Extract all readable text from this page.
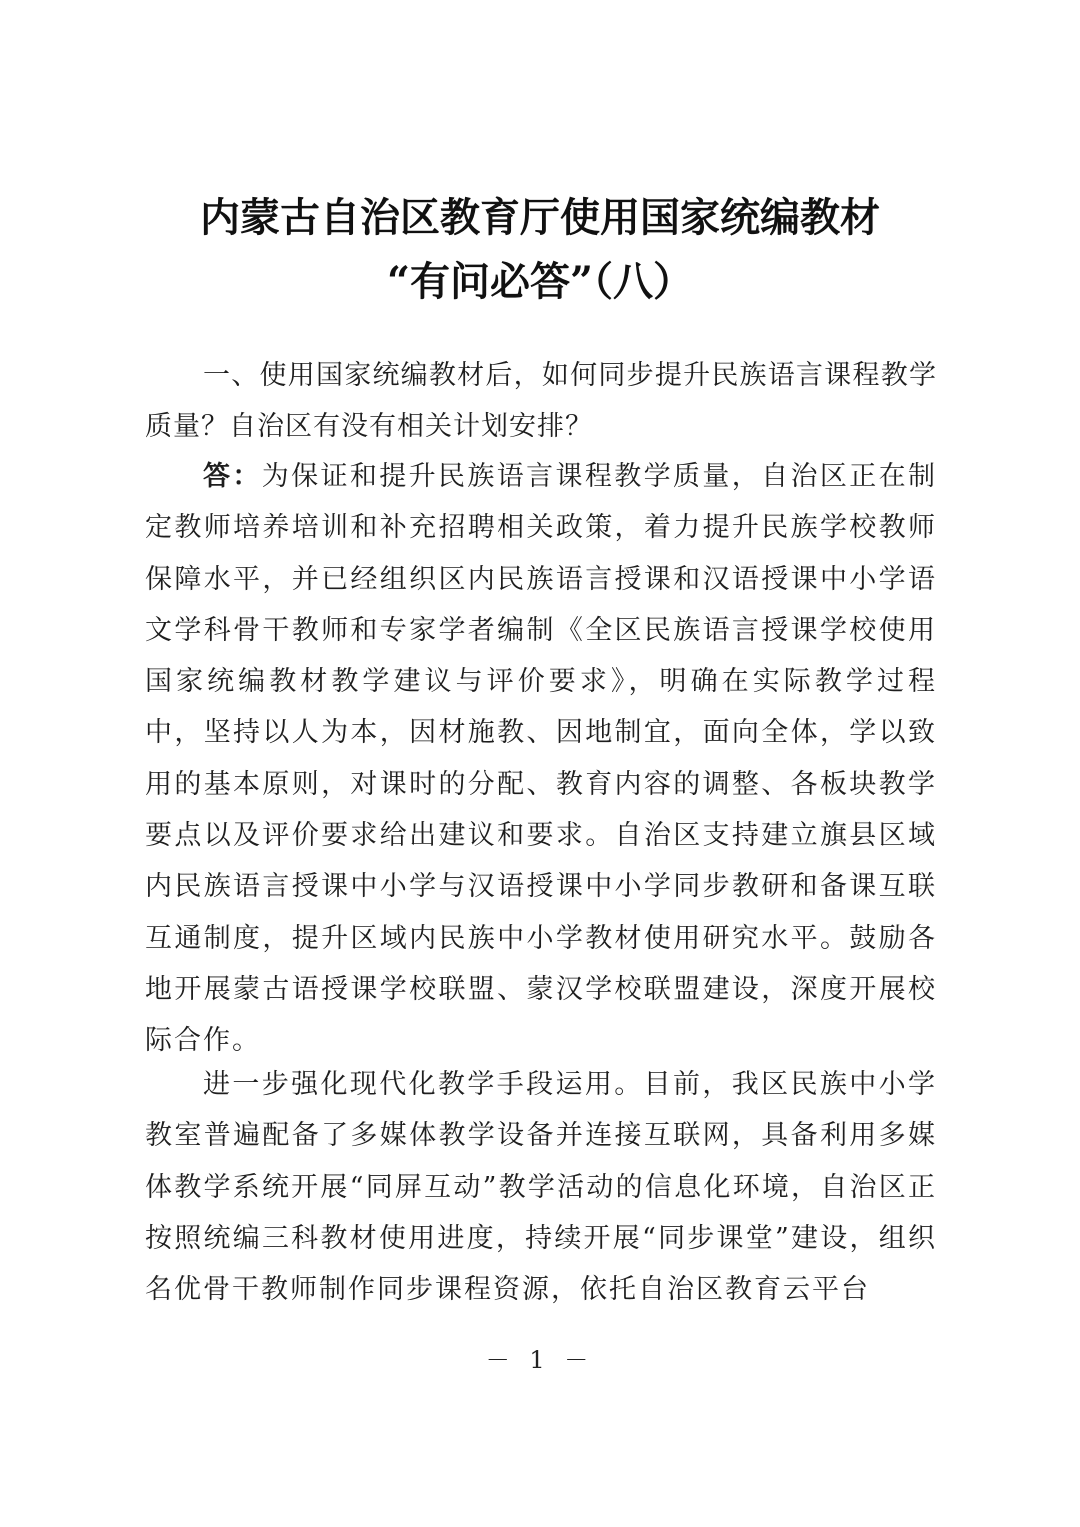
内蒙古自治区教育厅使用国家统编教材
“有问必答”（八）

一、使用国家统编教材后，如何同步提升民族语言课程教学质量？自治区有没有相关计划安排？

答：为保证和提升民族语言课程教学质量，自治区正在制定教师培养培训和补充招聘相关政策，着力提升民族学校教师保障水平，并已经组织区内民族语言授课和汉语授课中小学语文学科骨干教师和专家学者编制《全区民族语言授课学校使用国家统编教材教学建议与评价要求》，明确在实际教学过程中，坚持以人为本，因材施教、因地制宜，面向全体，学以致用的基本原则，对课时的分配、教育内容的调整、各板块教学要点以及评价要求给出建议和要求。自治区支持建立旗县区域内民族语言授课中小学与汉语授课中小学同步教研和备课互联互通制度，提升区域内民族中小学教材使用研究水平。鼓励各地开展蒙古语授课学校联盟、蒙汉学校联盟建设，深度开展校际合作。

进一步强化现代化教学手段运用。目前，我区民族中小学教室普遍配备了多媒体教学设备并连接互联网，具备利用多媒体教学系统开展“同屏互动”教学活动的信息化环境，自治区正按照统编三科教材使用进度，持续开展“同步课堂”建设，组织名优骨干教师制作同步课程资源，依托自治区教育云平台

－ 1 －
